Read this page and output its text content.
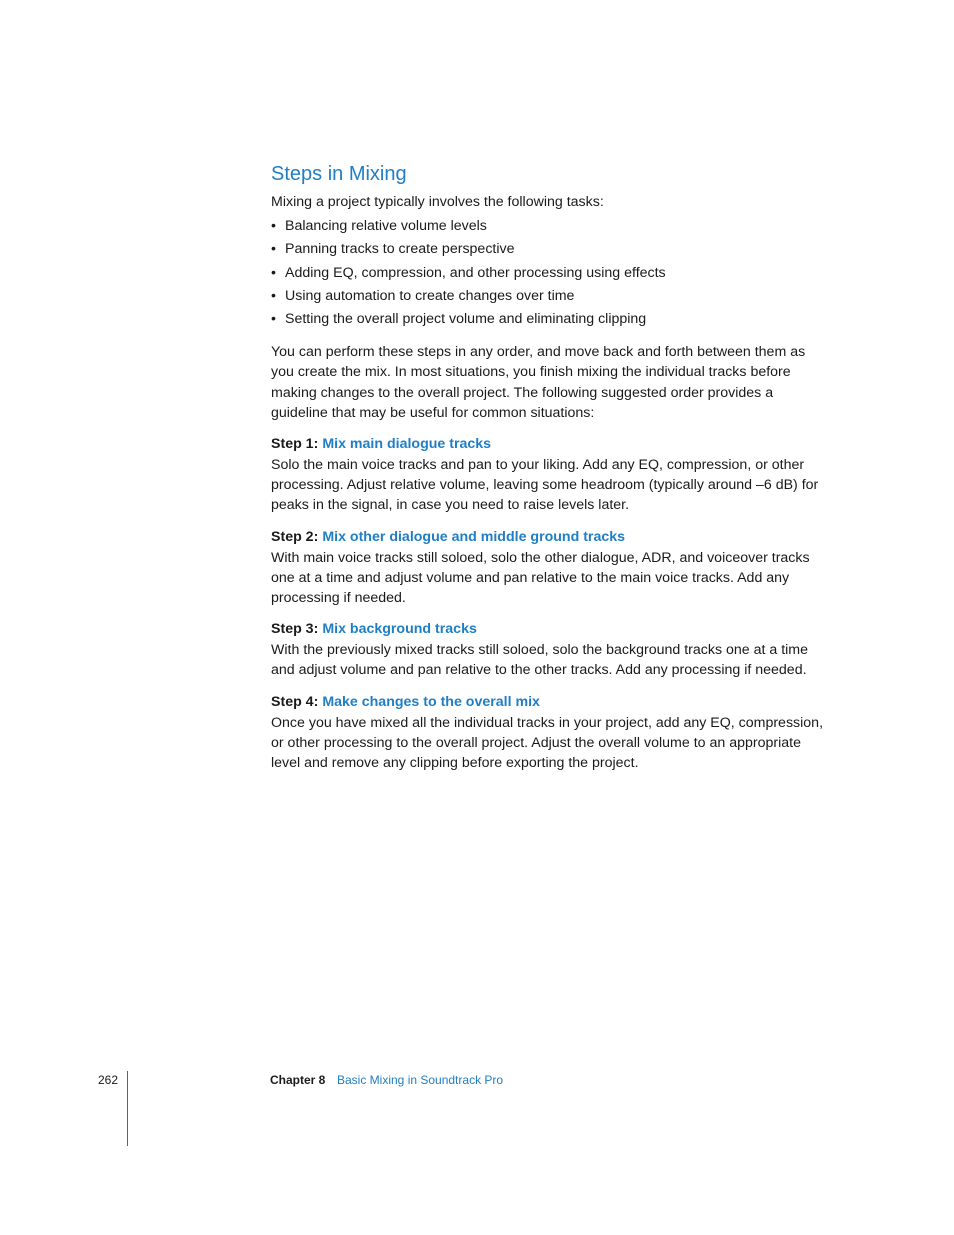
Steps in Mixing

Mixing a project typically involves the following tasks:

• Balancing relative volume levels
• Panning tracks to create perspective
• Adding EQ, compression, and other processing using effects
• Using automation to create changes over time
• Setting the overall project volume and eliminating clipping

You can perform these steps in any order, and move back and forth between them as you create the mix. In most situations, you finish mixing the individual tracks before making changes to the overall project. The following suggested order provides a guideline that may be useful for common situations:

Step 1: Mix main dialogue tracks

Solo the main voice tracks and pan to your liking. Add any EQ, compression, or other processing. Adjust relative volume, leaving some headroom (typically around –6 dB) for peaks in the signal, in case you need to raise levels later.

Step 2: Mix other dialogue and middle ground tracks

With main voice tracks still soloed, solo the other dialogue, ADR, and voiceover tracks one at a time and adjust volume and pan relative to the main voice tracks. Add any processing if needed.

Step 3: Mix background tracks

With the previously mixed tracks still soloed, solo the background tracks one at a time and adjust volume and pan relative to the other tracks. Add any processing if needed.

Step 4: Make changes to the overall mix

Once you have mixed all the individual tracks in your project, add any EQ, compression, or other processing to the overall project. Adjust the overall volume to an appropriate level and remove any clipping before exporting the project.

262	Chapter 8 Basic Mixing in Soundtrack Pro
